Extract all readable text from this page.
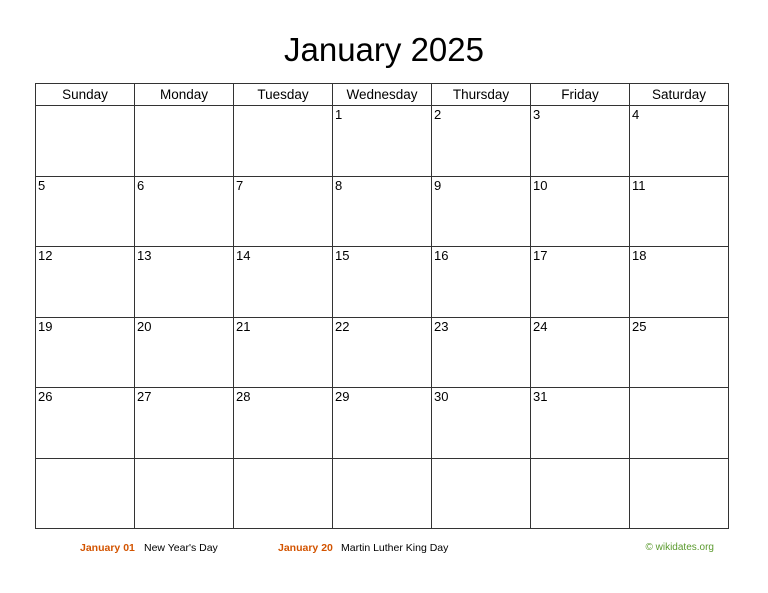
January 2025
Sunday	Monday	Tuesday	Wednesday	Thursday	Friday	Saturday
			1	2	3	4
5	6	7	8	9	10	11
12	13	14	15	16	17	18
19	20	21	22	23	24	25
26	27	28	29	30	31	

January 01 New Year's Day	January 20 Martin Luther King Day	© wikidates.org
